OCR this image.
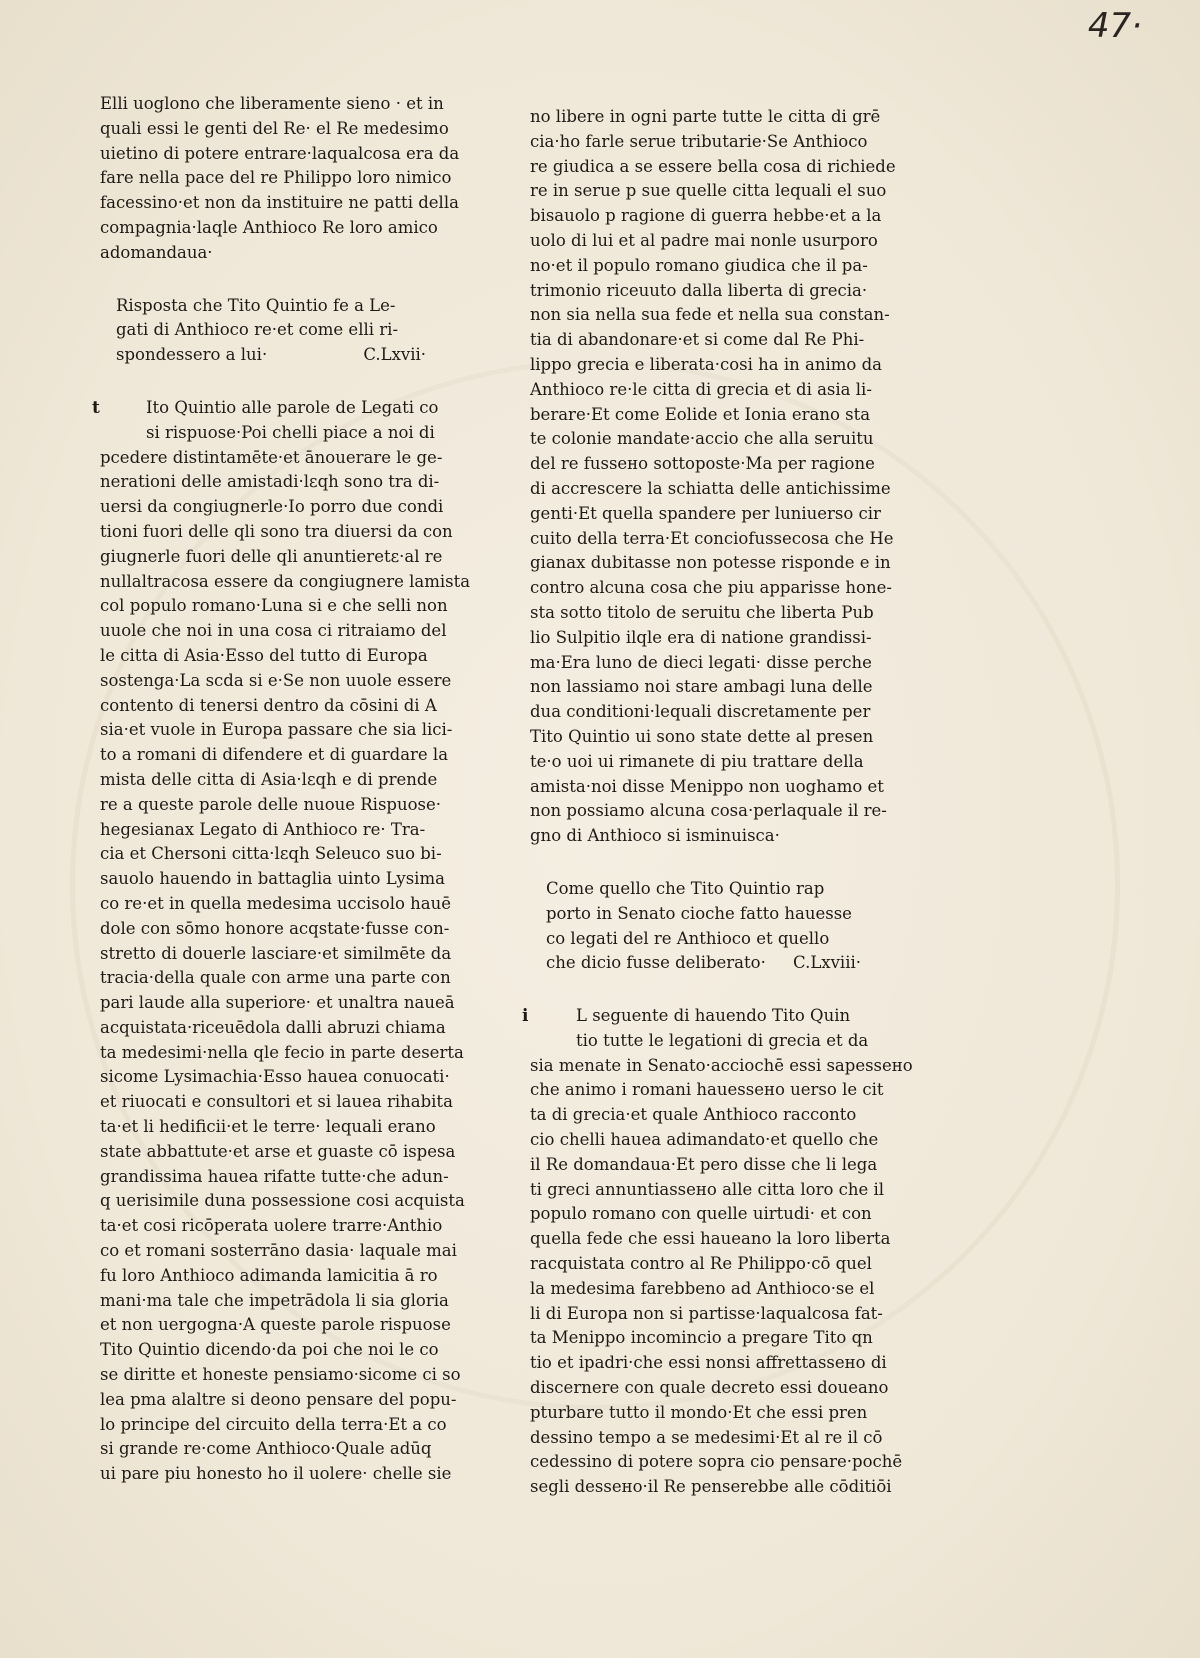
47·
Elli uoglono che liberamente sieno · et in
quali essi le genti del Re· el Re medesimo
uietino di potere entrare·laqualcosa era da
fare nella pace del re Philippo loro nimico
facessino·et non da instituire ne patti della
compagnia·laqle Anthioco Re loro amico
adomandaua·
Risposta che Tito Quintio fe a Le-
gati di Anthioco re·et come elli ri-
spondessero a lui·	C.Lxvii·
t	Ito Quintio alle parole de Legati co
si rispuose·Poi chelli piace a noi di
pcedere distintamēte·et ānouerare le ge-
nerationi delle amistadi·lεqh sono tra di-
uersi da congiugnerle·Io porro due condi
tioni fuori delle qli sono tra diuersi da con
giugnerle fuori delle qli anuntieretε·al re
nullaltracosa essere da congiugnere lamista
col populo romano·Luna si e che selli non
uuole che noi in una cosa ci ritraiamo del
le citta di Asia·Esso del tutto di Europa
sostenga·La scda si e·Se non uuole essere
contento di tenersi dentro da cōsini di A
sia·et vuole in Europa passare che sia lici-
to a romani di difendere et di guardare la
mista delle citta di Asia·lεqh e di prende
re a queste parole delle nuoue Rispuose·
hegesianax Legato di Anthioco re· Tra-
cia et Chersoni citta·lεqh Seleuco suo bi-
sauolo hauendo in battaglia uinto Lysima
co re·et in quella medesima uccisolo hauē
dole con sōmo honore acqstate·fusse con-
stretto di douerle lasciare·et similmēte da
tracia·della quale con arme una parte con
pari laude alla superiore· et unaltra naueā
acquistata·riceuēdola dalli abruzi chiama
ta medesimi·nella qle fecio in parte deserta
sicome Lysimachia·Esso hauea conuocati·
et riuocati e consultori et si lauea rihabita
ta·et li hedificii·et le terre· lequali erano
state abbattute·et arse et guaste cō ispesa
grandissima hauea rifatte tutte·che adun-
q uerisimile duna possessione cosi acquista
ta·et cosi ricōperata uolere trarre·Anthio
co et romani sosterrāno dasia· laquale mai
fu loro Anthioco adimanda lamicitia ā ro
mani·ma tale che impetrādola li sia gloria
et non uergogna·A queste parole rispuose
Tito Quintio dicendo·da poi che noi le co
se diritte et honeste pensiamo·sicome ci so
lea pma alaltre si deono pensare del popu-
lo principe del circuito della terra·Et a co
si grande re·come Anthioco·Quale adūq
ui pare piu honesto ho il uolere· chelle sie
no libere in ogni parte tutte le citta di grē
cia·ho farle serue tributarie·Se Anthioco
re giudica a se essere bella cosa di richiede
re in serue p sue quelle citta lequali el suo
bisauolo p ragione di guerra hebbe·et a la
uolo di lui et al padre mai nonle usurporo
no·et il populo romano giudica che il pa-
trimonio riceuuto dalla liberta di grecia·
non sia nella sua fede et nella sua constan-
tia di abandonare·et si come dal Re Phi-
lippo grecia e liberata·cosi ha in animo da
Anthioco re·le citta di grecia et di asia li-
berare·Et come Eolide et Ionia erano sta
te colonie mandate·accio che alla seruitu
del re fussено sottoposte·Ma per ragione
di accrescere la schiatta delle antichissime
genti·Et quella spandere per luniuerso cir
cuito della terra·Et conciofussecosa che He
gianax dubitasse non potesse risponde e in
contro alcuna cosa che piu apparisse hone-
sta sotto titolo de seruitu che liberta Pub
lio Sulpitio ilqle era di natione grandissi-
ma·Era luno de dieci legati· disse perche
non lassiamo noi stare ambagi luna delle
dua conditioni·lequali discretamente per
Tito Quintio ui sono state dette al presen
te·o uoi ui rimanete di piu trattare della
amista·noi disse Menippo non uoghamo et
non possiamo alcuna cosa·perlaquale il re-
gno di Anthioco si isminuisca·
Come quello che Tito Quintio rap
porto in Senato cioche fatto hauesse
co legati del re Anthioco et quello
che dicio fusse deliberato· C.Lxviii·
i	L seguente di hauendo Tito Quin
tio tutte le legationi di grecia et da
sia menate in Senato·acciochē essi sapessено
che animo i romani hauessено uerso le cit
ta di grecia·et quale Anthioco racconto
cio chelli hauea adimandato·et quello che
il Re domandaua·Et pero disse che li lega
ti greci annuntiassено alle citta loro che il
populo romano con quelle uirtudi· et con
quella fede che essi haueano la loro liberta
racquistata contro al Re Philippo·cō quel
la medesima farebbeno ad Anthioco·se el
li di Europa non si partisse·laqualcosa fat-
ta Menippo incomincio a pregare Tito qn
tio et ipadri·che essi nonsi affrettassено di
discernere con quale decreto essi doueano
pturbare tutto il mondo·Et che essi pren
dessino tempo a se medesimi·Et al re il cō
cedessino di potere sopra cio pensare·pochē
segli dessено·il Re penserebbe alle cōditiōi
